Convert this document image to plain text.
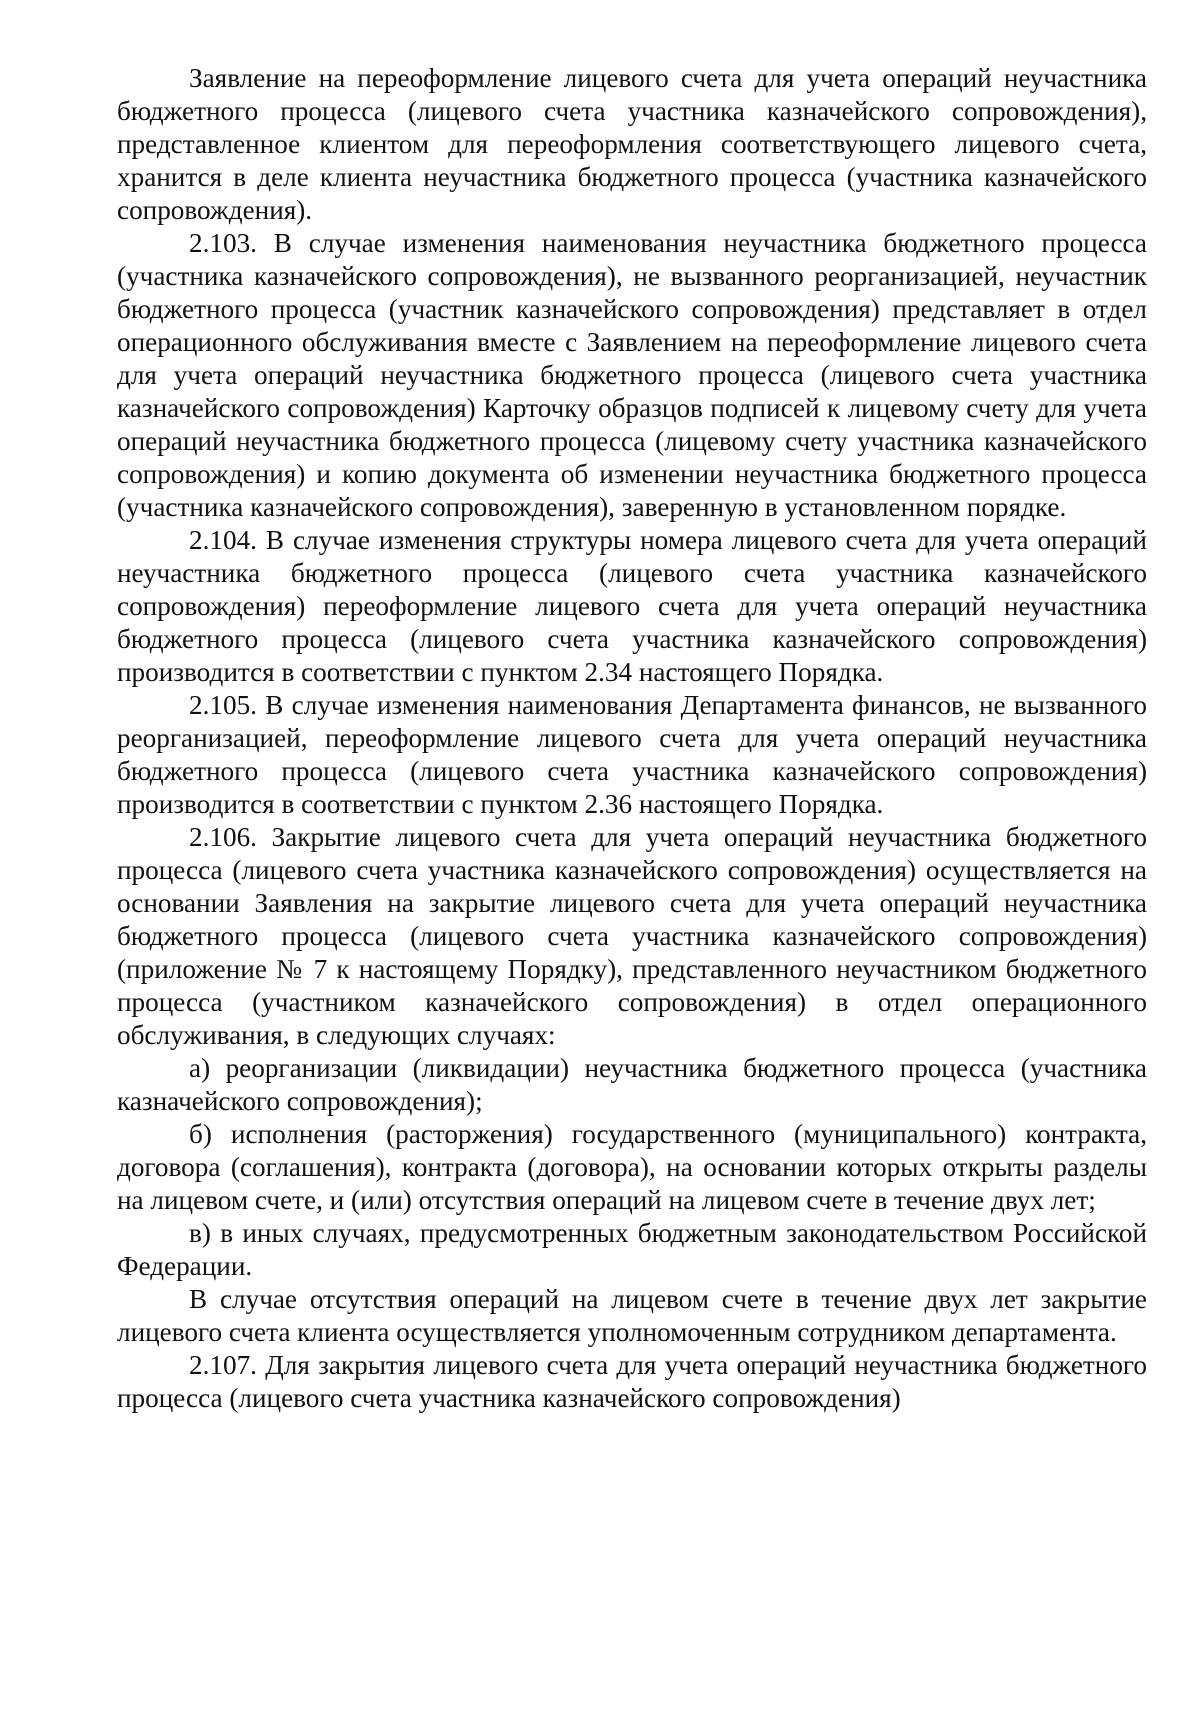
Заявление на переоформление лицевого счета для учета операций неучастника бюджетного процесса (лицевого счета участника казначейского сопровождения), представленное клиентом для переоформления соответствующего лицевого счета, хранится в деле клиента неучастника бюджетного процесса (участника казначейского сопровождения).

2.103. В случае изменения наименования неучастника бюджетного процесса (участника казначейского сопровождения), не вызванного реорганизацией, неучастник бюджетного процесса (участник казначейского сопровождения) представляет в отдел операционного обслуживания вместе с Заявлением на переоформление лицевого счета для учета операций неучастника бюджетного процесса (лицевого счета участника казначейского сопровождения) Карточку образцов подписей к лицевому счету для учета операций неучастника бюджетного процесса (лицевому счету участника казначейского сопровождения) и копию документа об изменении неучастника бюджетного процесса (участника казначейского сопровождения), заверенную в установленном порядке.

2.104. В случае изменения структуры номера лицевого счета для учета операций неучастника бюджетного процесса (лицевого счета участника казначейского сопровождения) переоформление лицевого счета для учета операций неучастника бюджетного процесса (лицевого счета участника казначейского сопровождения) производится в соответствии с пунктом 2.34 настоящего Порядка.

2.105. В случае изменения наименования Департамента финансов, не вызванного реорганизацией, переоформление лицевого счета для учета операций неучастника бюджетного процесса (лицевого счета участника казначейского сопровождения) производится в соответствии с пунктом 2.36 настоящего Порядка.

2.106. Закрытие лицевого счета для учета операций неучастника бюджетного процесса (лицевого счета участника казначейского сопровождения) осуществляется на основании Заявления на закрытие лицевого счета для учета операций неучастника бюджетного процесса (лицевого счета участника казначейского сопровождения) (приложение № 7 к настоящему Порядку), представленного неучастником бюджетного процесса (участником казначейского сопровождения) в отдел операционного обслуживания, в следующих случаях:

а) реорганизации (ликвидации) неучастника бюджетного процесса (участника казначейского сопровождения);

б) исполнения (расторжения) государственного (муниципального) контракта, договора (соглашения), контракта (договора), на основании которых открыты разделы на лицевом счете, и (или) отсутствия операций на лицевом счете в течение двух лет;

в) в иных случаях, предусмотренных бюджетным законодательством Российской Федерации.

В случае отсутствия операций на лицевом счете в течение двух лет закрытие лицевого счета клиента осуществляется уполномоченным сотрудником департамента.

2.107. Для закрытия лицевого счета для учета операций неучастника бюджетного процесса (лицевого счета участника казначейского сопровождения)
